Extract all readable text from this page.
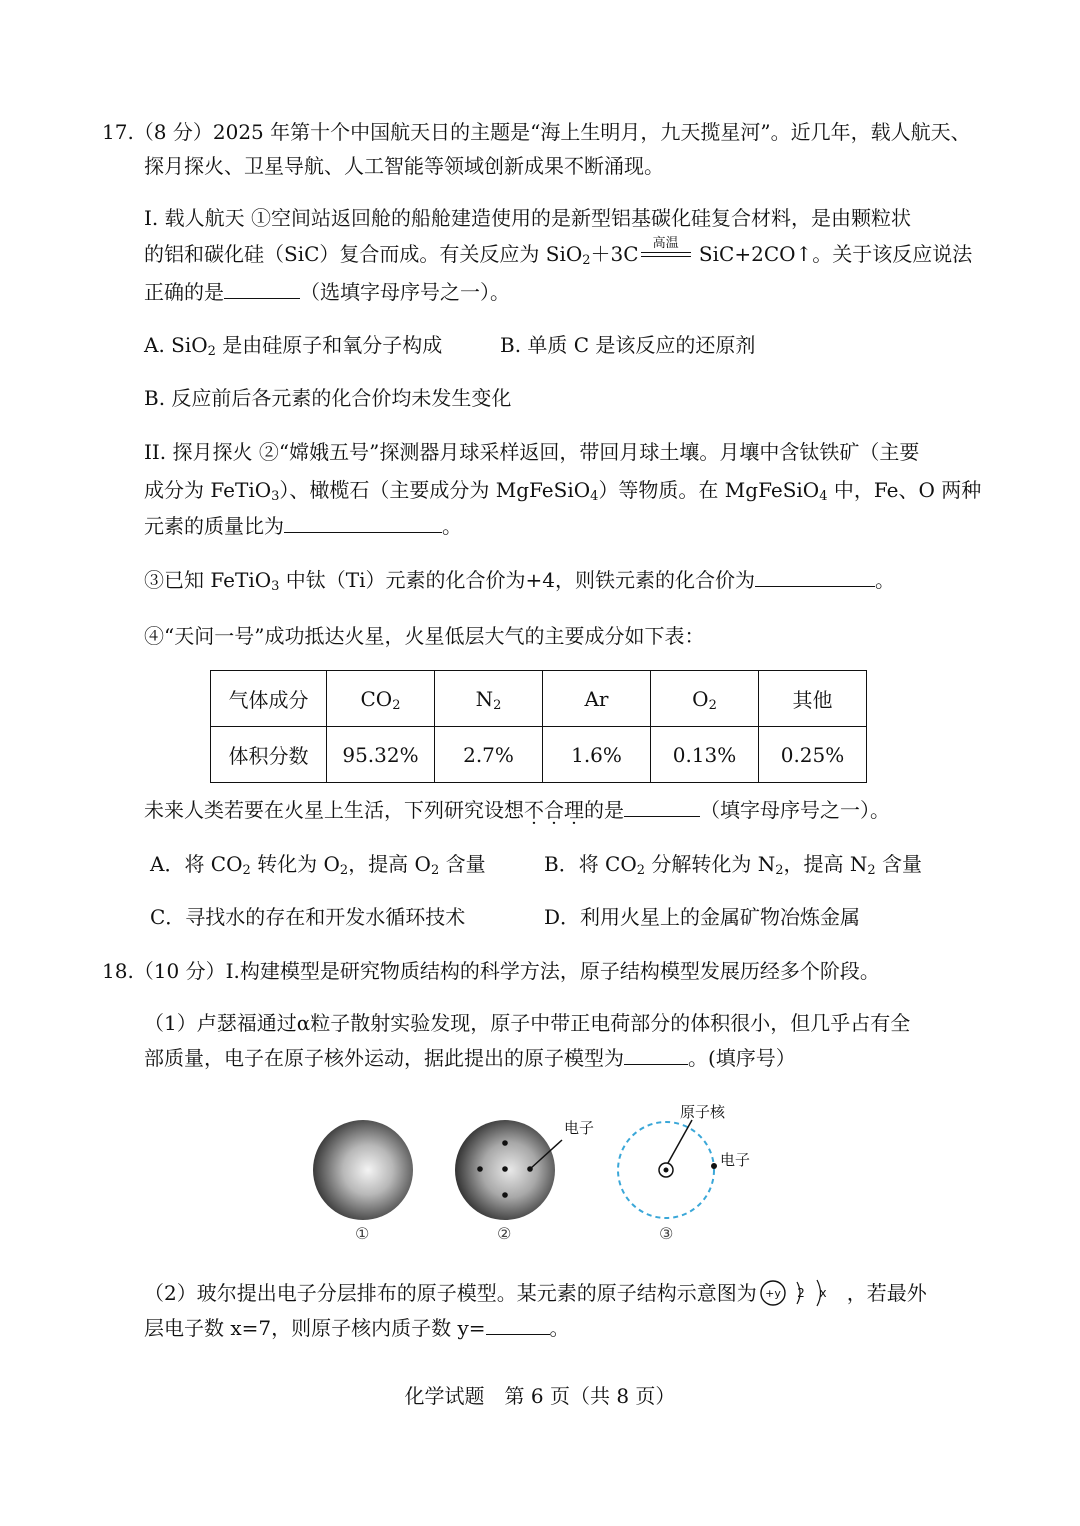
17.（8 分）2025 年第十个中国航天日的主题是“海上生明月，九天揽星河”。近几年，载人航天、
探月探火、卫星导航、人工智能等领域创新成果不断涌现。
I. 载人航天 ①空间站返回舱的船舱建造使用的是新型铝基碳化硅复合材料，是由颗粒状
的铝和碳化硅（SiC）复合而成。有关反应为 SiO$_2$＋3C	高温 SiC+2CO↑。关于该反应说法
正确的是	（选填字母序号之一）。
A. SiO$_2$ 是由硅原子和氧分子构成	B. 单质 C 是该反应的还原剂
B. 反应前后各元素的化合价均未发生变化
II. 探月探火 ②“嫦娥五号”探测器月球采样返回，带回月球土壤。月壤中含钛铁矿（主要
成分为 FeTiO$_3$）、橄榄石（主要成分为 MgFeSiO$_4$）等物质。在 MgFeSiO$_4$ 中，Fe、O 两种
元素的质量比为	。
③已知 FeTiO$_3$ 中钛（Ti）元素的化合价为+4，则铁元素的化合价为	。
④“天问一号”成功抵达火星，火星低层大气的主要成分如下表：
气体成分	$CO_2$	$N_2$	Ar	$O_2$	其他
体积分数	95.32%	2.7%	1.6%	0.13%	0.25%
未来人类若要在火星上生活，下列研究设想不合理的是	（填字母序号之一）。
A．将 $CO_2$ 转化为 $O_2$，提高 $O_2$ 含量	B．将 $CO_2$ 分解转化为 $N_2$，提高 $N_2$ 含量
C．寻找水的存在和开发水循环技术	D．利用火星上的金属矿物冶炼金属
18.（10 分）I.构建模型是研究物质结构的科学方法，原子结构模型发展历经多个阶段。
（1）卢瑟福通过α粒子散射实验发现，原子中带正电荷部分的体积很小，但几乎占有全
部质量，电子在原子核外运动，据此提出的原子模型为	。(填序号）
电子
原子核
电子
①	②	③
（2）玻尔提出电子分层排布的原子模型。某元素的原子结构示意图为 +y 2 x ，若最外
层电子数 x=7，则原子核内质子数 y=	。
化学试题　第 6 页（共 8 页）
